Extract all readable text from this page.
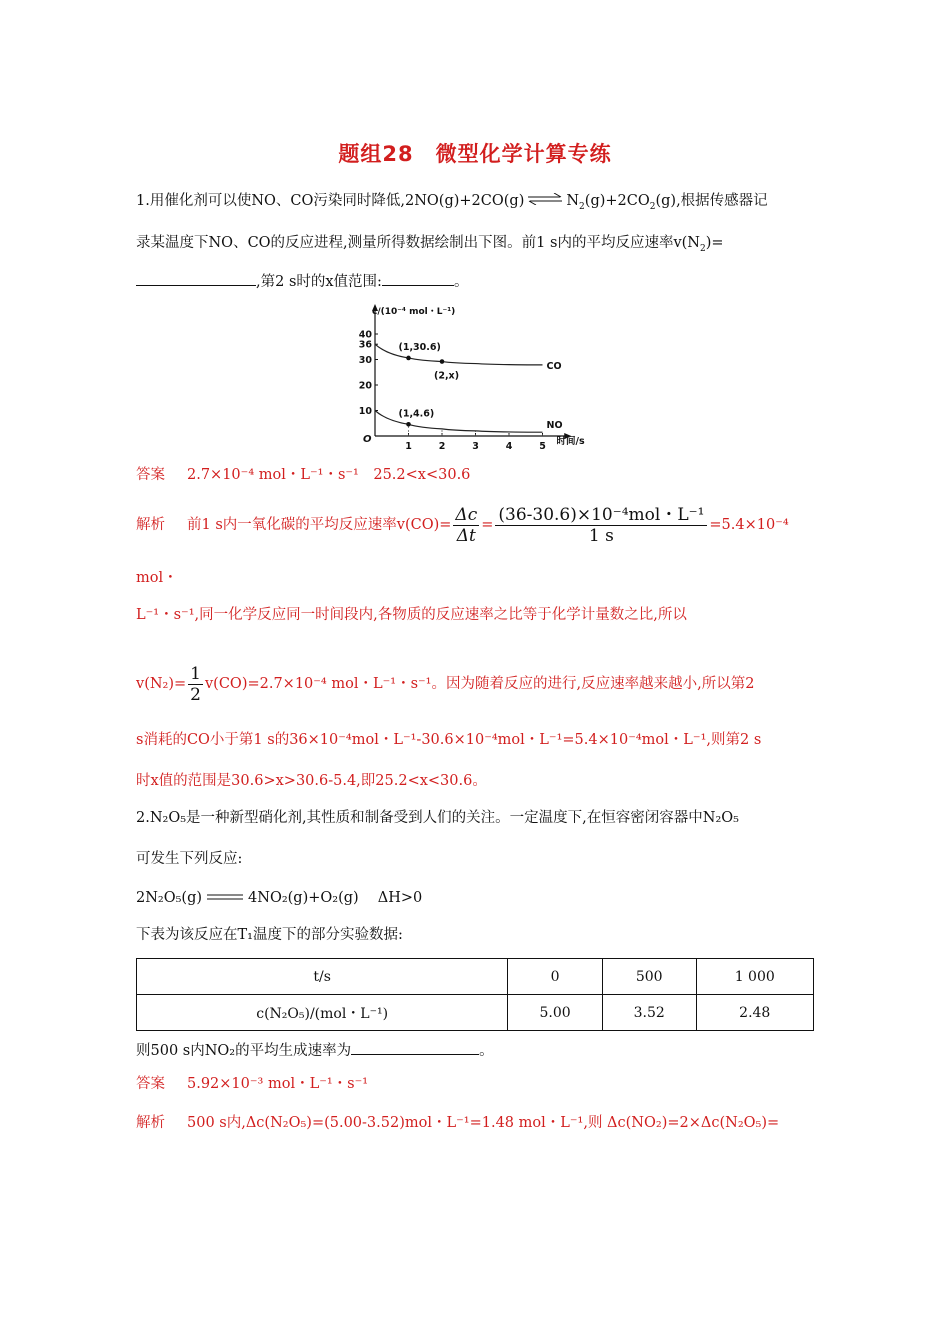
题组28　微型化学计算专练
1.用催化剂可以使NO、CO污染同时降低,2NO(g)+2CO(g) ⇌ $N_2(g)+2CO_2(g)$,根据传感器记
录某温度下NO、CO的反应进程,测量所得数据绘制出下图。前1 s内的平均反应速率$v(N_2)=$
,第2 s时的x值范围:	。
c/(10⁻⁴ mol・L⁻¹)
时间/s
O
1	2	3	4	5
10
20
30
36
40
CO
NO
(1,30.6)
(2,x)
(1,4.6)
答案 2.7×10⁻⁴ mol・L⁻¹・s⁻¹　25.2<x<30.6
解析 前1 s内一氧化碳的平均反应速率$v(CO)= \frac{\Delta c}{\Delta t} = \frac{\text{(36-30.6)×10⁻⁴mol・L⁻¹}}{1 s} =5.4\times 10^{-4}$
mol・
L⁻¹・s⁻¹,同一化学反应同一时间段内,各物质的反应速率之比等于化学计量数之比,所以
$v(N_2)= \frac{1}{2} v(CO)=2.7\times 10^{-4}$ mol・L⁻¹・s⁻¹。因为随着反应的进行,反应速率越来越小,所以第2
s消耗的CO小于第1 s的36×10⁻⁴mol・L⁻¹-30.6×10⁻⁴mol・L⁻¹=5.4×10⁻⁴mol・L⁻¹,则第2 s
时x值的范围是30.6>x>30.6-5.4,即25.2<x<30.6。
2.N₂O₅是一种新型硝化剂,其性质和制备受到人们的关注。一定温度下,在恒容密闭容器中N₂O₅
可发生下列反应:
2N₂O₅(g)	4NO₂(g)+O₂(g)　 ΔH>0
下表为该反应在T₁温度下的部分实验数据:
t/s	0	500	1 000
c(N₂O₅)/(mol・L⁻¹)	5.00	3.52	2.48
则500 s内NO₂的平均生成速率为	。
答案 5.92×10⁻³ mol・L⁻¹・s⁻¹
解析 500 s内,Δc(N₂O₅)=(5.00-3.52)mol・L⁻¹=1.48 mol・L⁻¹,则 Δc(NO₂)=2×Δc(N₂O₅)=
